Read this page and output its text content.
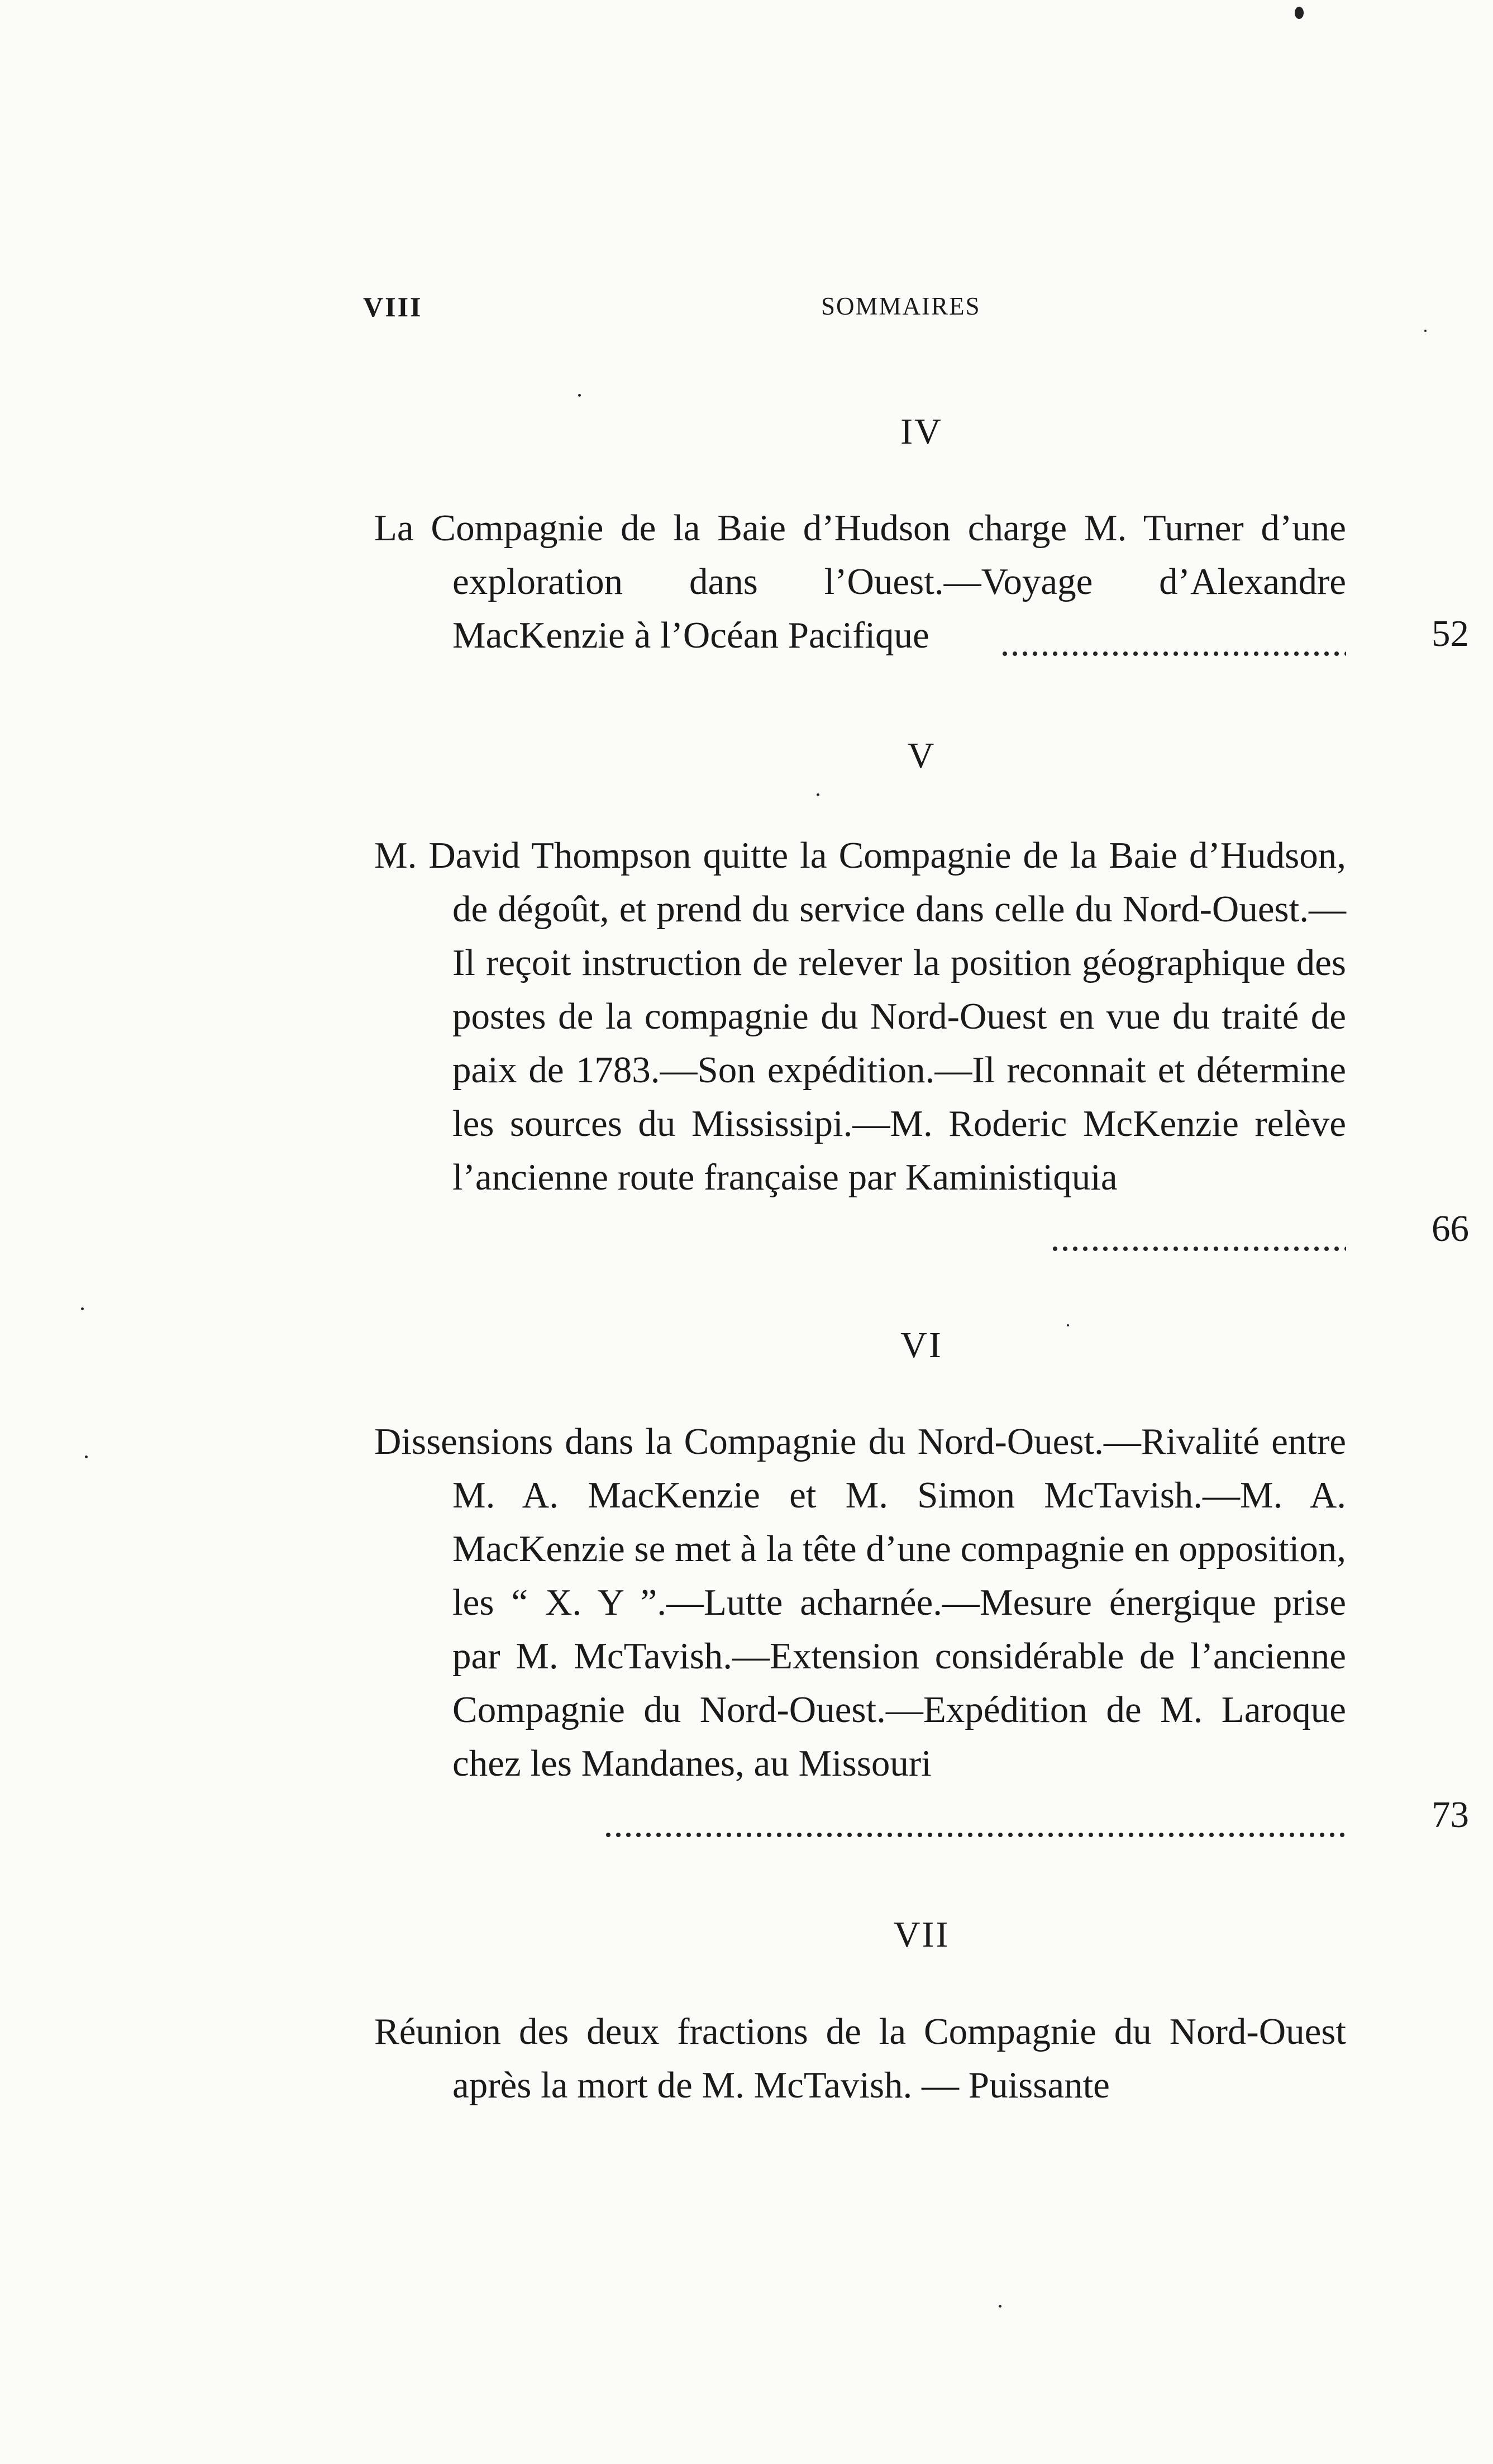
VIII	SOMMAIRES
IV
La Compagnie de la Baie d’Hudson charge M. Turner d’une exploration dans l’Ouest.—Voyage d’Alexandre MacKenzie à l’Océan Pacifique	52
V
M. David Thompson quitte la Compagnie de la Baie d’Hudson, de dégoût, et prend du service dans celle du Nord-Ouest.—Il reçoit instruction de relever la position géographique des postes de la compagnie du Nord-Ouest en vue du traité de paix de 1783.—Son expédition.—Il reconnait et détermine les sources du Mississipi.—M. Roderic McKenzie relève l’ancienne route française par Kaministiquia
66
VI
Dissensions dans la Compagnie du Nord-Ouest.—Rivalité entre M. A. MacKenzie et M. Simon McTavish.—M. A. MacKenzie se met à la tête d’une compagnie en opposition, les “ X. Y ”.—Lutte acharnée.—Mesure énergique prise par M. McTavish.—Extension considérable de l’ancienne Compagnie du Nord-Ouest.—Expédition de M. Laroque chez les Mandanes, au Missouri
73
VII
Réunion des deux fractions de la Compagnie du Nord-Ouest après la mort de M. McTavish. — Puissante
